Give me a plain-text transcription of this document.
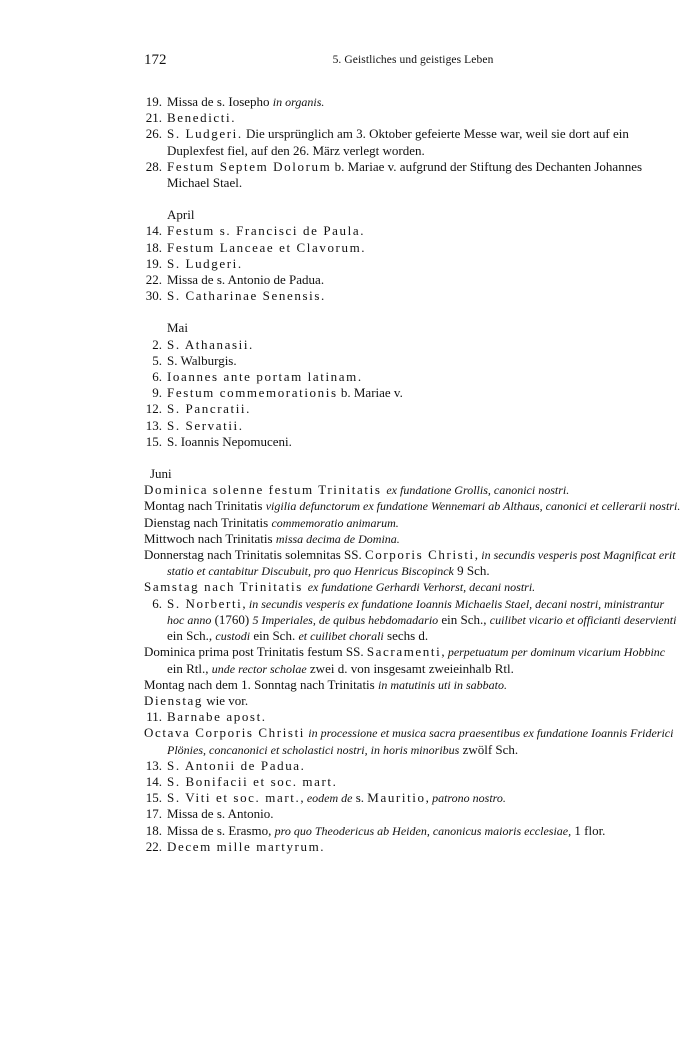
172	5. Geistliches und geistiges Leben
19. Missa de s. Iosepho in organis.
21. Benedicti.
26. S. Ludgeri. Die ursprünglich am 3. Oktober gefeierte Messe war, weil sie dort auf ein Duplexfest fiel, auf den 26. März verlegt worden.
28. Festum Septem Dolorum b. Mariae v. aufgrund der Stiftung des Dechanten Johannes Michael Stael.
April
14. Festum s. Francisci de Paula.
18. Festum Lanceae et Clavorum.
19. S. Ludgeri.
22. Missa de s. Antonio de Padua.
30. S. Catharinae Senensis.
Mai
2. S. Athanasii.
5. S. Walburgis.
6. Ioannes ante portam latinam.
9. Festum commemorationis b. Mariae v.
12. S. Pancratii.
13. S. Servatii.
15. S. Ioannis Nepomuceni.
Juni
Dominica solenne festum Trinitatis ex fundatione Grollis, canonici nostri.
Montag nach Trinitatis vigilia defunctorum ex fundatione Wennemari ab Althaus, canonici et cellerarii nostri.
Dienstag nach Trinitatis commemoratio animarum.
Mittwoch nach Trinitatis missa decima de Domina.
Donnerstag nach Trinitatis solemnitas SS. Corporis Christi, in secundis vesperis post Magnificat erit statio et cantabitur Discubuit, pro quo Henricus Biscopinck 9 Sch.
Samstag nach Trinitatis ex fundatione Gerhardi Verhorst, decani nostri.
6. S. Norberti, in secundis vesperis ex fundatione Ioannis Michaelis Stael, decani nostri, ministrantur hoc anno (1760) 5 Imperiales, de quibus hebdomadario ein Sch., cuilibet vicario et officianti deservienti ein Sch., custodi ein Sch. et cuilibet chorali sechs d.
Dominica prima post Trinitatis festum SS. Sacramenti, perpetuatum per dominum vicarium Hobbinc ein Rtl., unde rector scholae zwei d. von insgesamt zweieinhalb Rtl.
Montag nach dem 1. Sonntag nach Trinitatis in matutinis uti in sabbato.
Dienstag wie vor.
11. Barnabe apost.
Octava Corporis Christi in processione et musica sacra praesentibus ex fundatione Ioannis Friderici Plönies, concanonici et scholastici nostri, in horis minoribus zwölf Sch.
13. S. Antonii de Padua.
14. S. Bonifacii et soc. mart.
15. S. Viti et soc. mart., eodem de s. Mauritio, patrono nostro.
17. Missa de s. Antonio.
18. Missa de s. Erasmo, pro quo Theodericus ab Heiden, canonicus maioris ecclesiae, 1 flor.
22. Decem mille martyrum.
